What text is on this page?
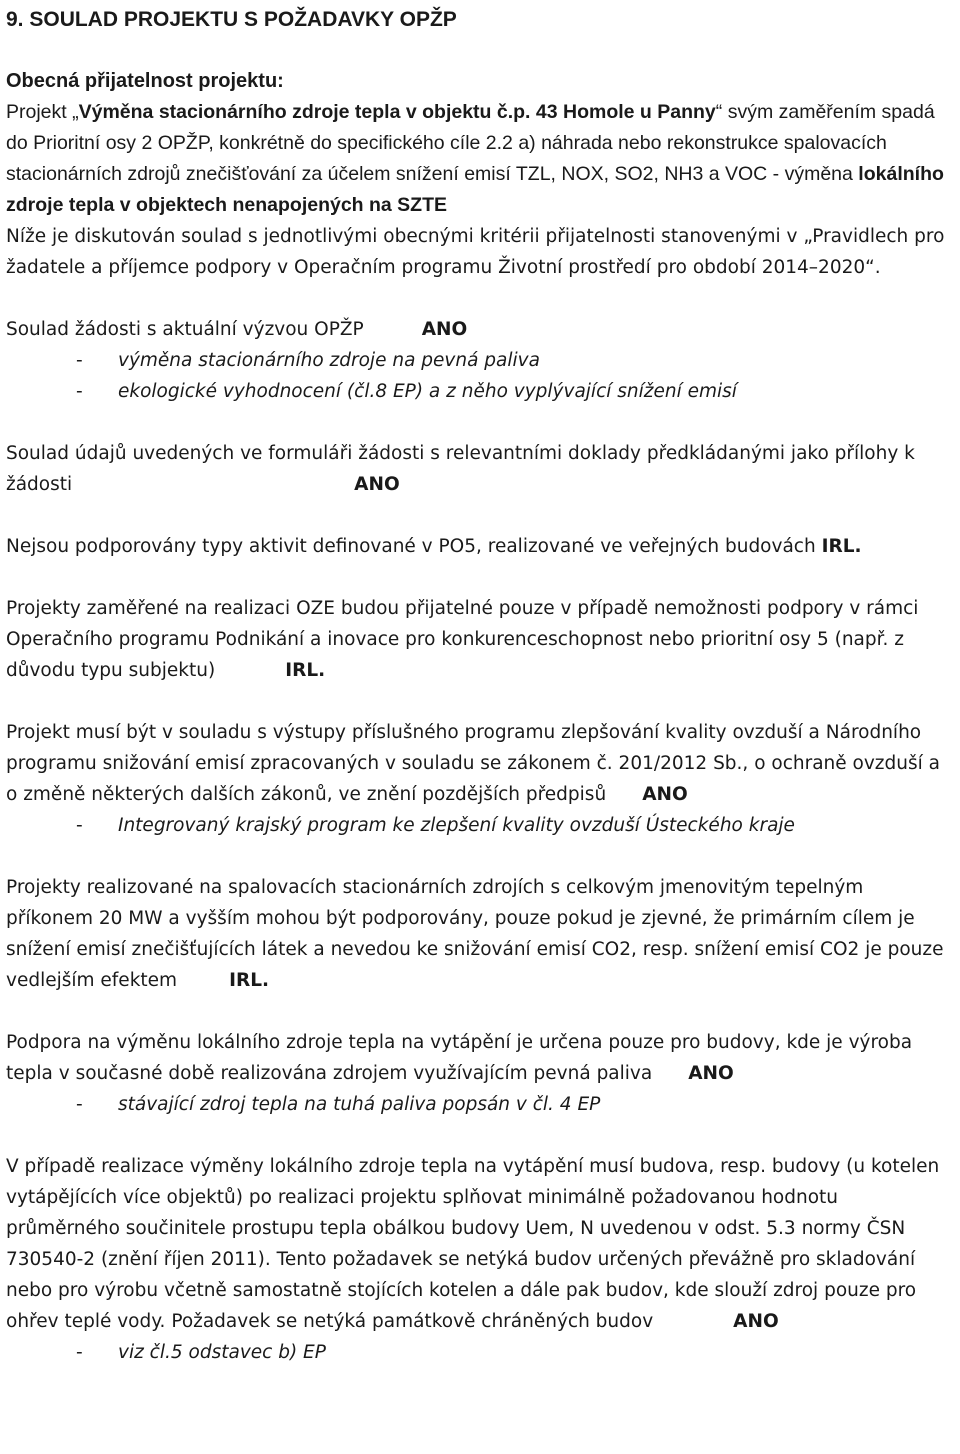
9. SOULAD PROJEKTU S POŽADAVKY OPŽP
Obecná přijatelnost projektu:

Projekt „Výměna stacionárního zdroje tepla v objektu č.p. 43 Homole u Panny“ svým zaměřením spadá do Prioritní osy 2 OPŽP, konkrétně do specifického cíle 2.2 a) náhrada nebo rekonstrukce spalovacích stacionárních zdrojů znečišťování za účelem snížení emisí TZL, NOX, SO2, NH3 a VOC - výměna lokálního zdroje tepla v objektech nenapojených na SZTE

Níže je diskutován soulad s jednotlivými obecnými kritérii přijatelnosti stanovenými v „Pravidlech pro žadatele a příjemce podpory v Operačním programu Životní prostředí pro období 2014–2020“.

Soulad žádosti s aktuální výzvou OPŽP	ANO

- výměna stacionárního zdroje na pevná paliva
- ekologické vyhodnocení (čl.8 EP) a z něho vyplývající snížení emisí

Soulad údajů uvedených ve formuláři žádosti s relevantními doklady předkládanými jako přílohy k žádosti	ANO

Nejsou podporovány typy aktivit definované v PO5, realizované ve veřejných budovách IRL.

Projekty zaměřené na realizaci OZE budou přijatelné pouze v případě nemožnosti podpory v rámci Operačního programu Podnikání a inovace pro konkurenceschopnost nebo prioritní osy 5 (např. z důvodu typu subjektu)	IRL.

Projekt musí být v souladu s výstupy příslušného programu zlepšování kvality ovzduší a Národního programu snižování emisí zpracovaných v souladu se zákonem č. 201/2012 Sb., o ochraně ovzduší a o změně některých dalších zákonů, ve znění pozdějších předpisů ANO

- Integrovaný krajský program ke zlepšení kvality ovzduší Ústeckého kraje

Projekty realizované na spalovacích stacionárních zdrojích s celkovým jmenovitým tepelným příkonem 20 MW a vyšším mohou být podporovány, pouze pokud je zjevné, že primárním cílem je snížení emisí znečišťujících látek a nevedou ke snižování emisí CO2, resp. snížení emisí CO2 je pouze vedlejším efektem	IRL.

Podpora na výměnu lokálního zdroje tepla na vytápění je určena pouze pro budovy, kde je výroba tepla v současné době realizována zdrojem využívajícím pevná paliva ANO

- stávající zdroj tepla na tuhá paliva popsán v čl. 4 EP

V případě realizace výměny lokálního zdroje tepla na vytápění musí budova, resp. budovy (u kotelen vytápějících více objektů) po realizaci projektu splňovat minimálně požadovanou hodnotu průměrného součinitele prostupu tepla obálkou budovy Uem, N uvedenou v odst. 5.3 normy ČSN 730540-2 (znění říjen 2011). Tento požadavek se netýká budov určených převážně pro skladování nebo pro výrobu včetně samostatně stojících kotelen a dále pak budov, kde slouží zdroj pouze pro ohřev teplé vody. Požadavek se netýká památkově chráněných budov	ANO

- viz čl.5 odstavec b) EP
